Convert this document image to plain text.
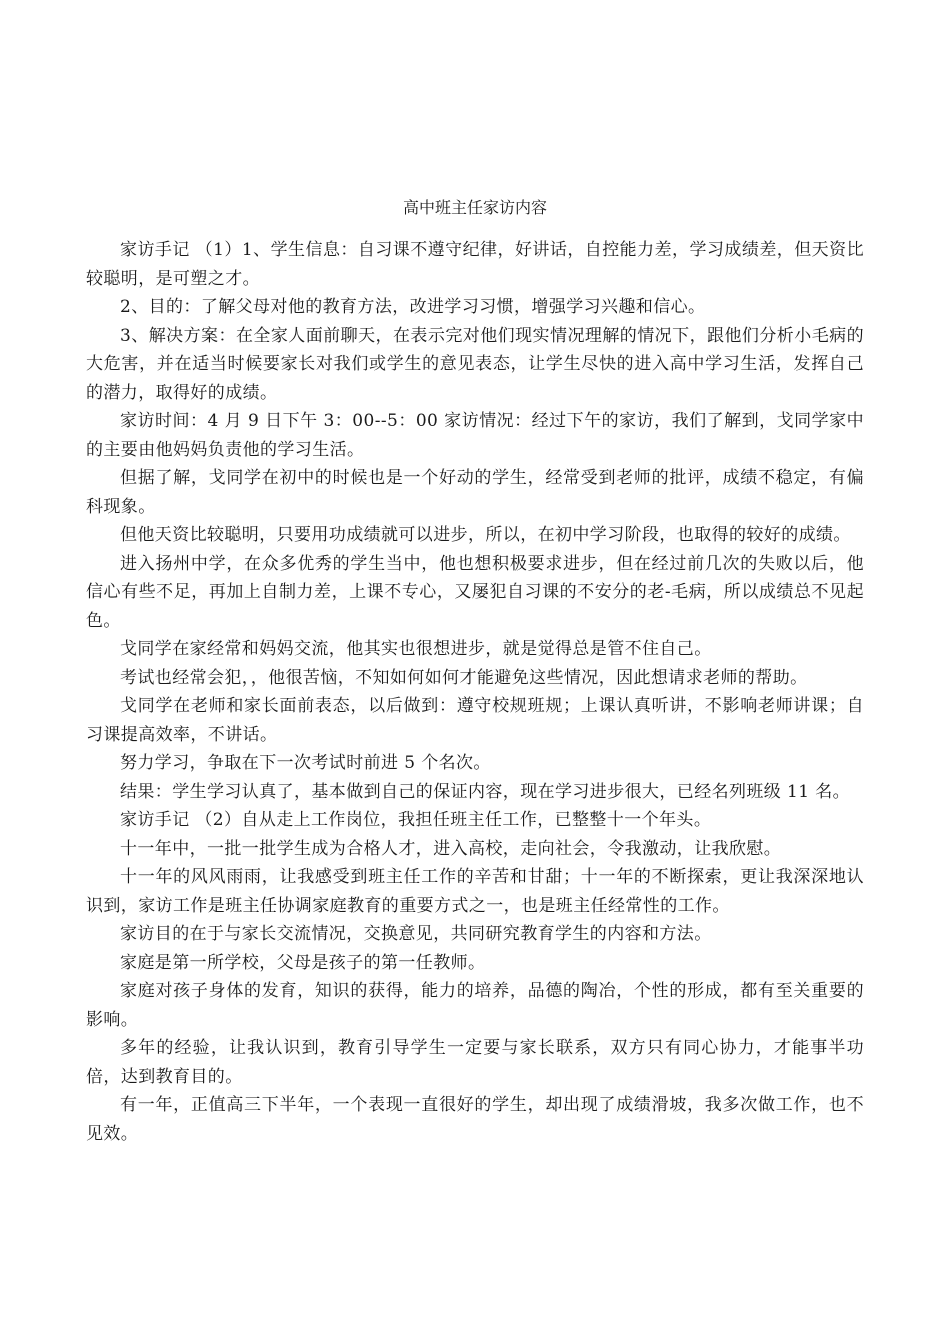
高中班主任家访内容

家访手记 （1）1、学生信息：自习课不遵守纪律，好讲话，自控能力差，学习成绩差，但天资比较聪明，是可塑之才。

2、目的：了解父母对他的教育方法，改进学习习惯，增强学习兴趣和信心。

3、解决方案：在全家人面前聊天，在表示完对他们现实情况理解的情况下，跟他们分析小毛病的大危害，并在适当时候要家长对我们或学生的意见表态，让学生尽快的进入高中学习生活，发挥自己的潜力，取得好的成绩。

家访时间：4 月 9 日下午 3：00--5：00 家访情况：经过下午的家访，我们了解到，戈同学家中的主要由他妈妈负责他的学习生活。

但据了解，戈同学在初中的时候也是一个好动的学生，经常受到老师的批评，成绩不稳定，有偏科现象。

但他天资比较聪明，只要用功成绩就可以进步，所以，在初中学习阶段，也取得的较好的成绩。

进入扬州中学，在众多优秀的学生当中，他也想积极要求进步，但在经过前几次的失败以后，他信心有些不足，再加上自制力差，上课不专心，又屡犯自习课的不安分的老-毛病，所以成绩总不见起色。

戈同学在家经常和妈妈交流，他其实也很想进步，就是觉得总是管不住自己。

考试也经常会犯，，他很苦恼，不知如何如何才能避免这些情况，因此想请求老师的帮助。

戈同学在老师和家长面前表态，以后做到：遵守校规班规；上课认真听讲，不影响老师讲课；自习课提高效率，不讲话。

努力学习，争取在下一次考试时前进 5 个名次。

结果：学生学习认真了，基本做到自己的保证内容，现在学习进步很大，已经名列班级 11 名。

家访手记 （2）自从走上工作岗位，我担任班主任工作，已整整十一个年头。

十一年中，一批一批学生成为合格人才，进入高校，走向社会，令我激动，让我欣慰。

十一年的风风雨雨，让我感受到班主任工作的辛苦和甘甜；十一年的不断探索，更让我深深地认识到，家访工作是班主任协调家庭教育的重要方式之一，也是班主任经常性的工作。

家访目的在于与家长交流情况，交换意见，共同研究教育学生的内容和方法。

家庭是第一所学校，父母是孩子的第一任教师。

家庭对孩子身体的发育，知识的获得，能力的培养，品德的陶冶，个性的形成，都有至关重要的影响。

多年的经验，让我认识到，教育引导学生一定要与家长联系，双方只有同心协力，才能事半功倍，达到教育目的。

有一年，正值高三下半年，一个表现一直很好的学生，却出现了成绩滑坡，我多次做工作，也不见效。
